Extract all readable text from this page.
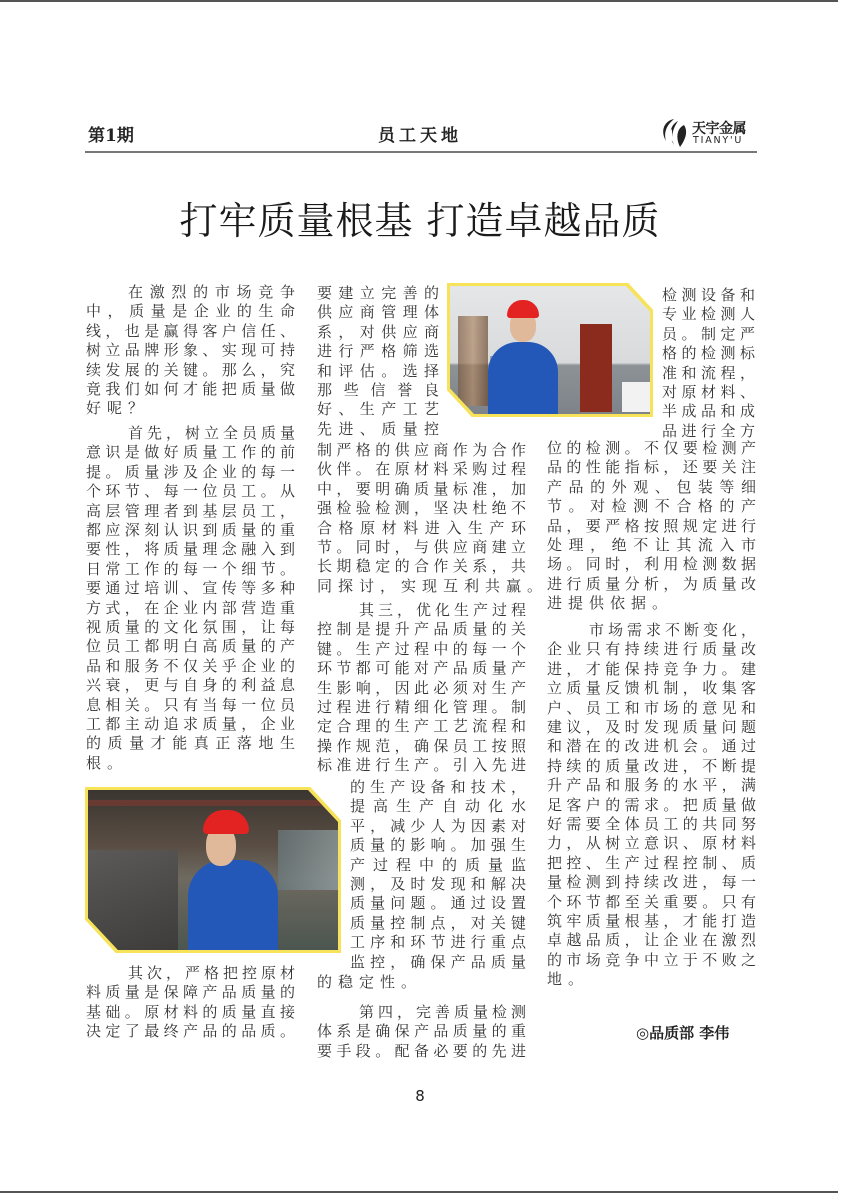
第1期	员工天地	天宇金属
TIANY'U
打牢质量根基 打造卓越品质
在激烈的市场竞争
中，质量是企业的生命
线，也是赢得客户信任、
树立品牌形象、实现可持
续发展的关键。那么，究
竟我们如何才能把质量做
好呢？
首先，树立全员质量
意识是做好质量工作的前
提。质量涉及企业的每一
个环节、每一位员工。从
高层管理者到基层员工，
都应深刻认识到质量的重
要性，将质量理念融入到
日常工作的每一个细节。
要通过培训、宣传等多种
方式，在企业内部营造重
视质量的文化氛围，让每
位员工都明白高质量的产
品和服务不仅关乎企业的
兴衰，更与自身的利益息
息相关。只有当每一位员
工都主动追求质量，企业
的质量才能真正落地生
根。
其次，严格把控原材
料质量是保障产品质量的
基础。原材料的质量直接
决定了最终产品的品质。
要建立完善的
供应商管理体
系，对供应商
进行严格筛选
和评估。选择
那些信誉良
好、生产工艺
先进、质量控
制严格的供应商作为合作
伙伴。在原材料采购过程
中，要明确质量标准，加
强检验检测，坚决杜绝不
合格原材料进入生产环
节。同时，与供应商建立
长期稳定的合作关系，共
同探讨，实现互利共赢。
其三，优化生产过程
控制是提升产品质量的关
键。生产过程中的每一个
环节都可能对产品质量产
生影响，因此必须对生产
过程进行精细化管理。制
定合理的生产工艺流程和
操作规范，确保员工按照
标准进行生产。引入先进
的生产设备和技术，
提高生产自动化水
平，减少人为因素对
质量的影响。加强生
产过程中的质量监
测，及时发现和解决
质量问题。通过设置
质量控制点，对关键
工序和环节进行重点
监控，确保产品质量
的稳定性。
第四，完善质量检测
体系是确保产品质量的重
要手段。配备必要的先进
检测设备和
专业检测人
员。制定严
格的检测标
准和流程，
对原材料、
半成品和成
品进行全方
位的检测。不仅要检测产
品的性能指标，还要关注
产品的外观、包装等细
节。对检测不合格的产
品，要严格按照规定进行
处理，绝不让其流入市
场。同时，利用检测数据
进行质量分析，为质量改
进提供依据。
市场需求不断变化，
企业只有持续进行质量改
进，才能保持竞争力。建
立质量反馈机制，收集客
户、员工和市场的意见和
建议，及时发现质量问题
和潜在的改进机会。通过
持续的质量改进，不断提
升产品和服务的水平，满
足客户的需求。把质量做
好需要全体员工的共同努
力，从树立意识、原材料
把控、生产过程控制、质
量检测到持续改进，每一
个环节都至关重要。只有
筑牢质量根基，才能打造
卓越品质，让企业在激烈
的市场竞争中立于不败之
地。
◎品质部 李伟
8
